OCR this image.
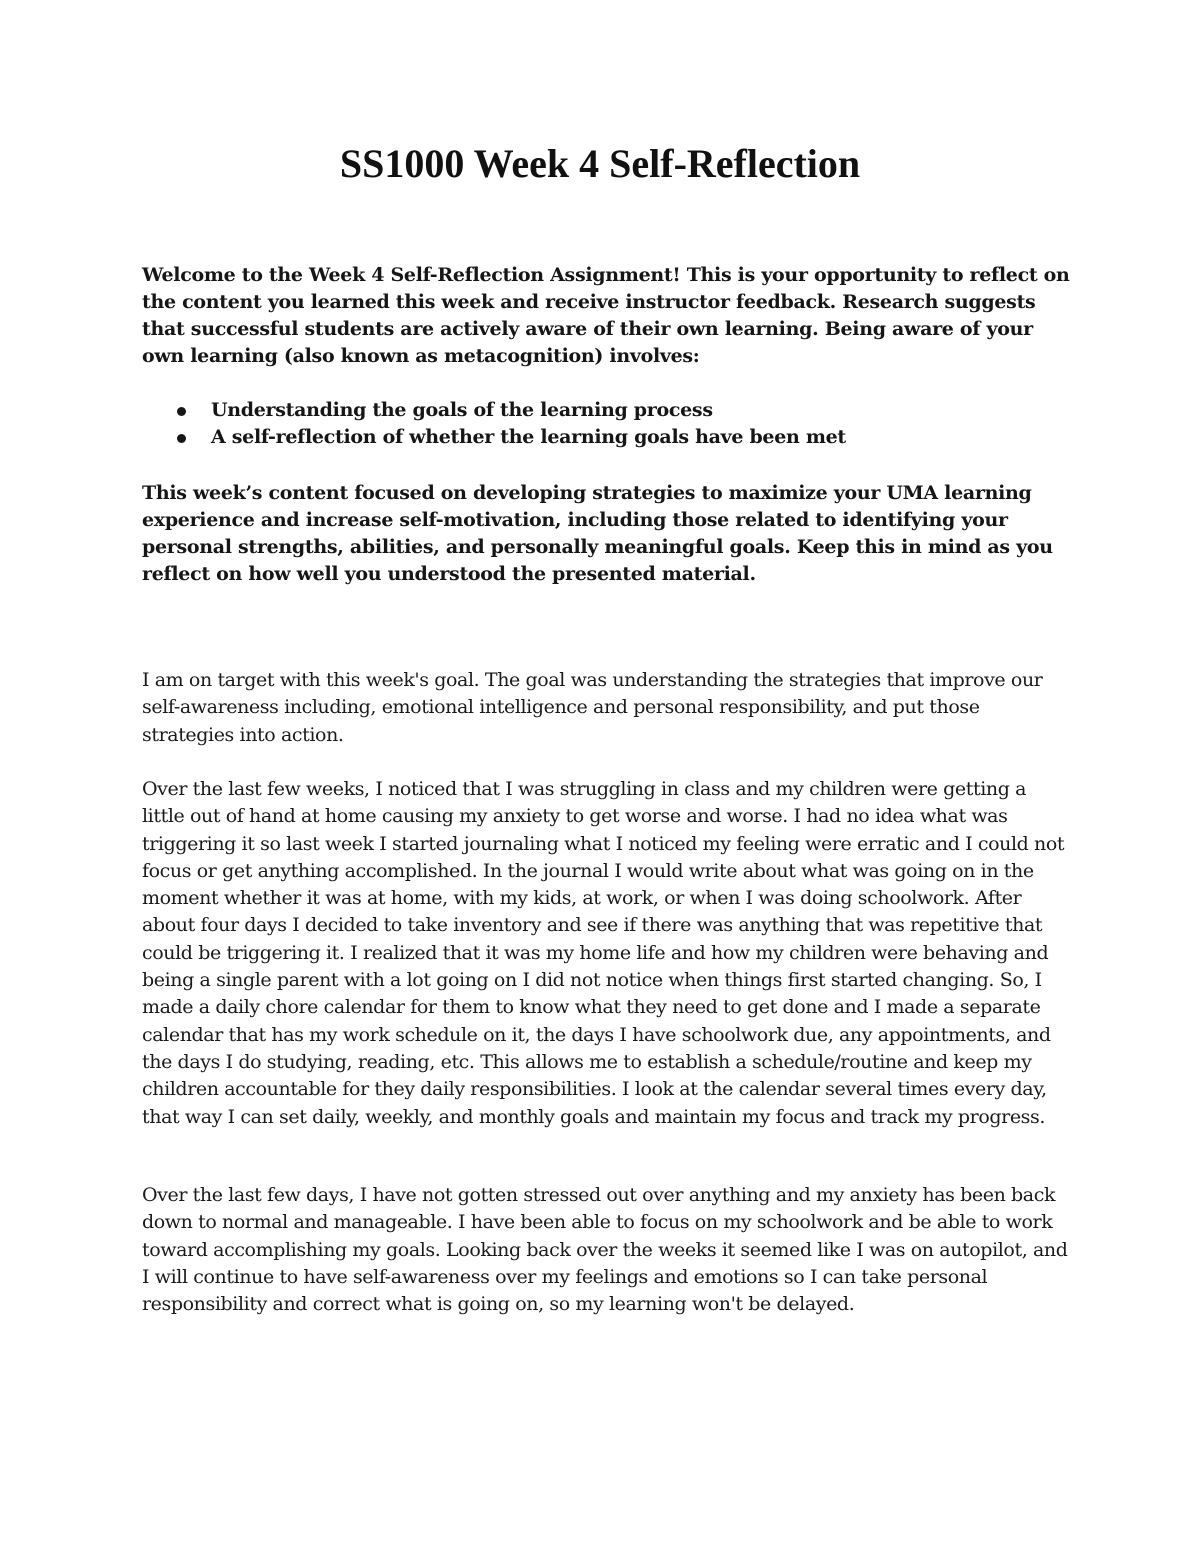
SS1000 Week 4 Self-Reflection

Welcome to the Week 4 Self-Reflection Assignment! This is your opportunity to reflect on the content you learned this week and receive instructor feedback. Research suggests that successful students are actively aware of their own learning. Being aware of your own learning (also known as metacognition) involves:

Understanding the goals of the learning process
A self-reflection of whether the learning goals have been met

This week’s content focused on developing strategies to maximize your UMA learning experience and increase self-motivation, including those related to identifying your personal strengths, abilities, and personally meaningful goals. Keep this in mind as you reflect on how well you understood the presented material.

I am on target with this week's goal. The goal was understanding the strategies that improve our self-awareness including, emotional intelligence and personal responsibility, and put those strategies into action.

Over the last few weeks, I noticed that I was struggling in class and my children were getting a little out of hand at home causing my anxiety to get worse and worse. I had no idea what was triggering it so last week I started journaling what I noticed my feeling were erratic and I could not focus or get anything accomplished. In the journal I would write about what was going on in the moment whether it was at home, with my kids, at work, or when I was doing schoolwork. After about four days I decided to take inventory and see if there was anything that was repetitive that could be triggering it. I realized that it was my home life and how my children were behaving and being a single parent with a lot going on I did not notice when things first started changing. So, I made a daily chore calendar for them to know what they need to get done and I made a separate calendar that has my work schedule on it, the days I have schoolwork due, any appointments, and the days I do studying, reading, etc. This allows me to establish a schedule/routine and keep my children accountable for they daily responsibilities. I look at the calendar several times every day, that way I can set daily, weekly, and monthly goals and maintain my focus and track my progress.

Over the last few days, I have not gotten stressed out over anything and my anxiety has been back down to normal and manageable. I have been able to focus on my schoolwork and be able to work toward accomplishing my goals. Looking back over the weeks it seemed like I was on autopilot, and I will continue to have self-awareness over my feelings and emotions so I can take personal responsibility and correct what is going on, so my learning won't be delayed.
